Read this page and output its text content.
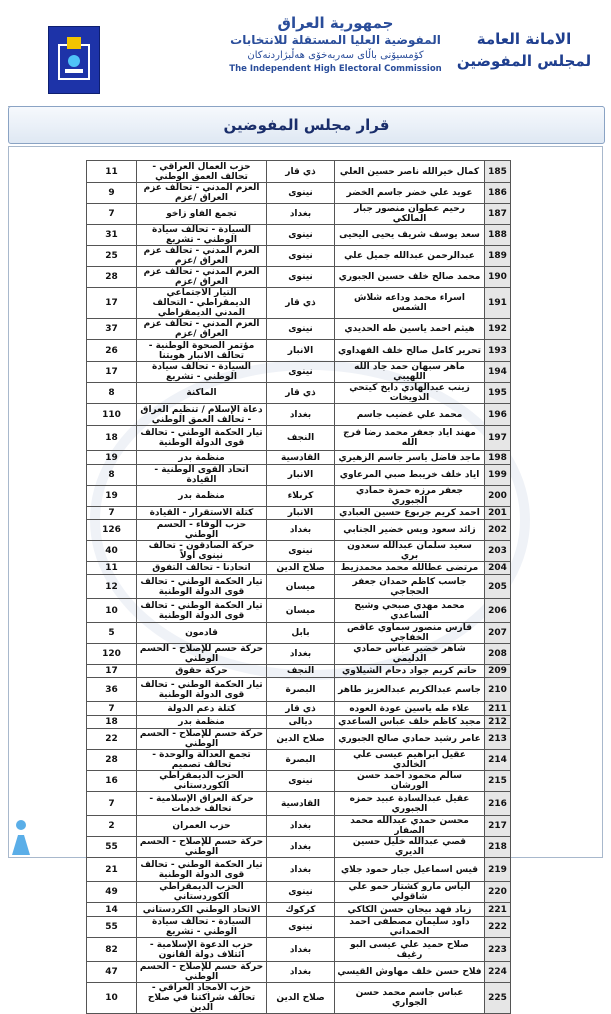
الامانة العامة
لمجلس المفوضين
جمهورية العراق
المفوضية العليا المستقلة للانتخابات
كۆمسیۆنی باڵای سەربەخۆی هەڵبژاردنەکان
The Independent High Electoral Commission
قرار مجلس المفوضين
185	كمال خيرالله ناصر حسين العلي	ذي قار	حزب العمال العراقي - تحالف العمق الوطني	11
186	عويد علي خضر جاسم الخضر	نينوى	العزم المدني - تحالف عزم العراق /عزم	9
187	رحيم عطوان منصور جبار المالكي	بغداد	تجمع الفاو زاخو	7
188	سعد يوسف شريف يحيى اليحيى	نينوى	السيادة - تحالف سيادة الوطني - تشريع	31
189	عبدالرحمن عبدالله جميل علي	نينوى	العزم المدني - تحالف عزم العراق /عزم	25
190	محمد صالح خلف حسين الجبوري	نينوى	العزم المدني - تحالف عزم العراق /عزم	28
191	اسراء محمد وداعه شلاش الشمس	ذي قار	التيار الاجتماعي الديمقراطي - التحالف المدني الديمقراطي	17
192	هيثم احمد ياسين طه الحديدي	نينوى	العزم المدني - تحالف عزم العراق /عزم	37
193	تحرير كامل صالح خلف الفهداوي	الانبار	مؤتمر الصحوة الوطنية - تحالف الانبار هويتنا	26
194	ماهر سبهان حمد جاد الله اللهيبي	نينوى	السيادة - تحالف سيادة الوطني - تشريع	17
195	زينب عبدالهادي دايخ كيتحي الذويخات	ذي قار	الماكنة	8
196	محمد علي غضيب جاسم	بغداد	دعاة الإسلام / تنظيم العراق - تحالف العمق الوطني	110
197	مهند اياد جعفر محمد رضا فرج الله	النجف	تيار الحكمة الوطني - تحالف قوى الدولة الوطنية	18
198	ماجد فاضل ياسر جاسم الزهيري	القادسية	منظمة بدر	19
199	اياد خلف خريبط صبي المرعاوي	الانبار	اتحاد القوى الوطنية - القيادة	8
200	جعفر مرزه حمزة حمادي الجبوري	كربلاء	منظمة بدر	19
201	احمد كريم جربوع حسين العبادي	الانبار	كتلة الاستقرار - القيادة	7
202	زائد سعود ويس خضير الجنابي	بغداد	حزب الوفاء - الحسم الوطني	126
203	سعيد سلمان عبدالله سعدون بري	نينوى	حركة الصادقون - تحالف نينوى أولاً	40
204	مرتضى عطالله محمد محمدزيط	صلاح الدين	اتحادنا - تحالف التفوق	11
205	جاسب كاظم حمدان جعفر الحجاجي	ميسان	تيار الحكمة الوطني - تحالف قوى الدولة الوطنية	12
206	محمد مهدي صبحي وشيح الساعدي	ميسان	تيار الحكمة الوطني - تحالف قوى الدولة الوطنية	10
207	فارس منصور سماوي عاقص الخفاجي	بابل	قادمون	5
208	شاهر خضير عباس حمادي الدليمي	بغداد	حركة حسم للإصلاح - الحسم الوطني	120
209	حاتم كريم جواد دحام الشيلاوي	النجف	حركة حقوق	17
210	جاسم عبدالكريم عبدالعزيز طاهر	البصرة	تيار الحكمة الوطني - تحالف قوى الدولة الوطنية	36
211	علاء طه ياسين عودة العوده	ذي قار	كتلة دعم الدولة	7
212	مجيد كاظم خلف عباس الساعدي	ديالى	منظمة بدر	18
213	عامر رشيد حمادي صالح الجبوري	صلاح الدين	حركة حسم للإصلاح - الحسم الوطني	22
214	عقيل ابراهيم عيسى علي الخالدي	البصرة	تجمع العدالة والوحدة - تحالف تصميم	28
215	سالم محمود احمد حسن الورشان	نينوى	الحزب الديمقراطي الكوردستاني	16
216	عقيل عبدالسادة عبيد حمزه الجبوري	القادسية	حركة العراق الإسلامية - تحالف خدمات	7
217	محسن حمدي عبدالله محمد الصفار	بغداد	حزب العمران	2
218	قصي عبدالله خليل حسين الديري	بغداد	حركة حسم للإصلاح - الحسم الوطني	55
219	قيس اسماعيل جبار حمود جلاي	بغداد	تيار الحكمة الوطني - تحالف قوى الدولة الوطنية	21
220	الياس مارو كشتار حمو علي شاقولي	نينوى	الحزب الديمقراطي الكوردستاني	49
221	زياد فهد بيجان حسن الكاكي	كركوك	الاتحاد الوطني الكردستاني	14
222	داود سليمان مصطفى احمد الحمداني	نينوى	السيادة - تحالف سيادة الوطني - تشريع	55
223	صلاح حميد علي عيسى البو رغيف	بغداد	حزب الدعوة الإسلامية - ائتلاف دولة القانون	82
224	فلاح حسن خلف مهاوش القيسي	بغداد	حركة حسم للإصلاح - الحسم الوطني	47
225	عباس جاسم محمد حسن الجواري	صلاح الدين	حزب الامجاد العراقي - تحالف شراكتنا في صلاح الدين	10
